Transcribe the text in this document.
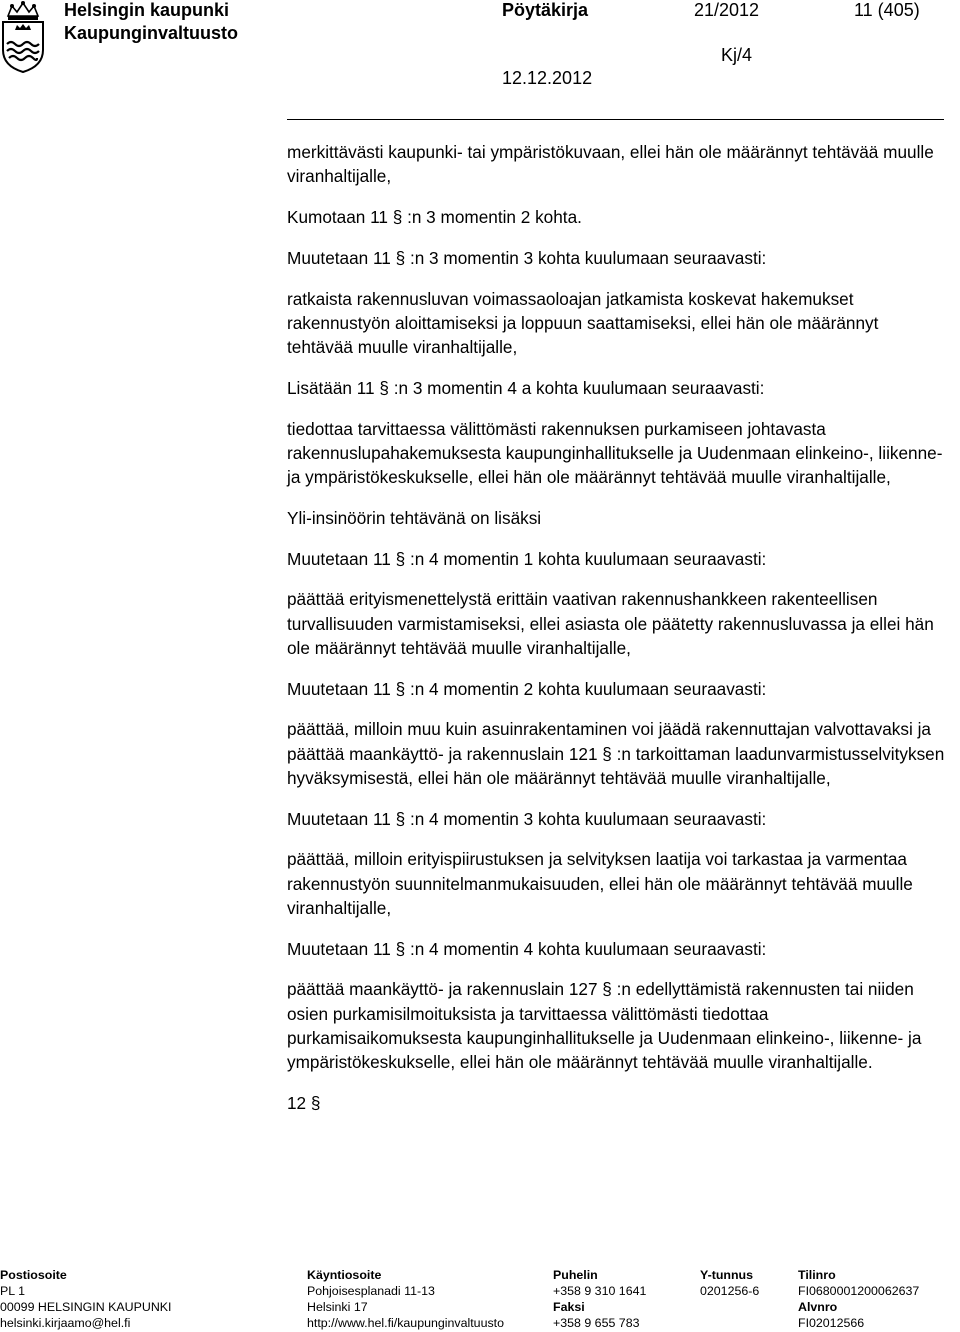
Helsingin kaupunki
Kaupunginvaltuusto
Pöytäkirja	21/2012	11 (405)
Kj/4
12.12.2012

merkittävästi kaupunki- tai ympäristökuvaan, ellei hän ole määrännyt tehtävää muulle viranhaltijalle,

Kumotaan 11 § :n 3 momentin 2 kohta.

Muutetaan 11 § :n 3 momentin 3 kohta kuulumaan seuraavasti:

ratkaista rakennusluvan voimassaoloajan jatkamista koskevat hakemukset rakennustyön aloittamiseksi ja loppuun saattamiseksi, ellei hän ole määrännyt tehtävää muulle viranhaltijalle,

Lisätään 11 § :n 3 momentin 4 a kohta kuulumaan seuraavasti:

tiedottaa tarvittaessa välittömästi rakennuksen purkamiseen johtavasta rakennuslupahakemuksesta kaupunginhallitukselle ja Uudenmaan elinkeino-, liikenne- ja ympäristökeskukselle, ellei hän ole määrännyt tehtävää muulle viranhaltijalle,

Yli-insinöörin tehtävänä on lisäksi

Muutetaan 11 § :n 4 momentin 1 kohta kuulumaan seuraavasti:

päättää erityismenettelystä erittäin vaativan rakennushankkeen rakenteellisen turvallisuuden varmistamiseksi, ellei asiasta ole päätetty rakennusluvassa ja ellei hän ole määrännyt tehtävää muulle viranhaltijalle,

Muutetaan 11 § :n 4 momentin 2 kohta kuulumaan seuraavasti:

päättää, milloin muu kuin asuinrakentaminen voi jäädä rakennuttajan valvottavaksi ja päättää maankäyttö- ja rakennuslain 121 § :n tarkoittaman laadunvarmistusselvityksen hyväksymisestä, ellei hän ole määrännyt tehtävää muulle viranhaltijalle,

Muutetaan 11 § :n 4 momentin 3 kohta kuulumaan seuraavasti:

päättää, milloin erityispiirustuksen ja selvityksen laatija voi tarkastaa ja varmentaa rakennustyön suunnitelmanmukaisuuden, ellei hän ole määrännyt tehtävää muulle viranhaltijalle,

Muutetaan 11 § :n 4 momentin 4 kohta kuulumaan seuraavasti:

päättää maankäyttö- ja rakennuslain 127 § :n edellyttämistä rakennusten tai niiden osien purkamisilmoituksista ja tarvittaessa välittömästi tiedottaa purkamisaikomuksesta kaupunginhallitukselle ja Uudenmaan elinkeino-, liikenne- ja ympäristökeskukselle, ellei hän ole määrännyt tehtävää muulle viranhaltijalle.

12 §

Postiosoite
PL 1
00099 HELSINGIN KAUPUNKI
helsinki.kirjaamo@hel.fi
Käyntiosoite
Pohjoisesplanadi 11-13
Helsinki 17
http://www.hel.fi/kaupunginvaltuusto
Puhelin
+358 9 310 1641
Faksi
+358 9 655 783
Y-tunnus
0201256-6
Tilinro
FI0680001200062637
Alvnro
FI02012566
